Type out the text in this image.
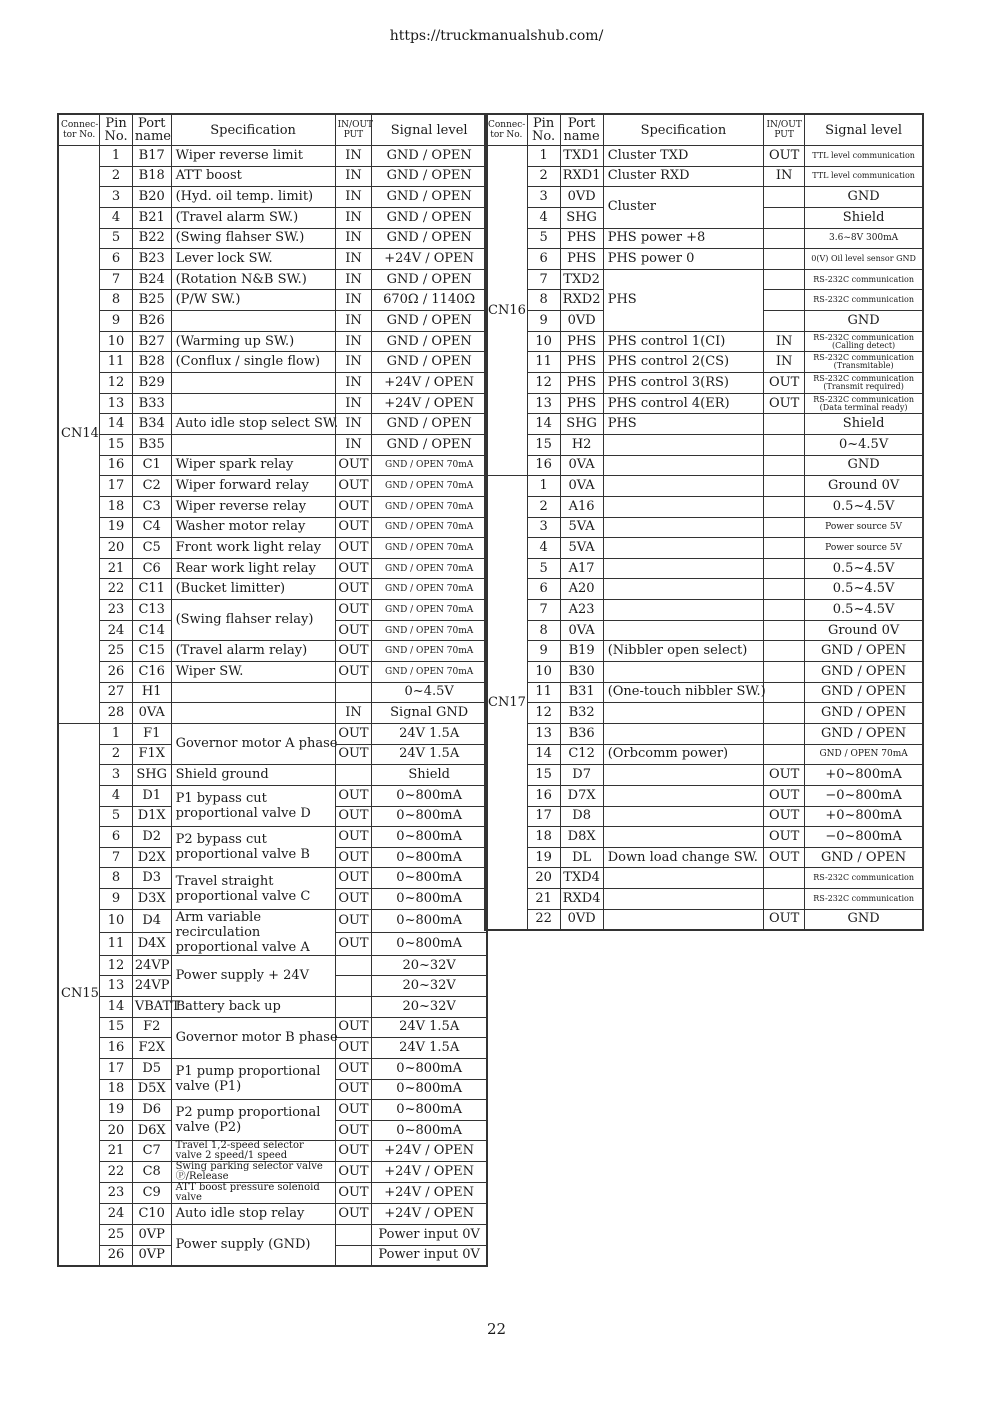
https://truckmanualshub.com/
Connec-tor No.	Pin No.	Port name	Specification	IN/OUT PUT	Signal level
CN14	1	B17	Wiper reverse limit	IN	GND / OPEN
	2	B18	ATT boost	IN	GND / OPEN
	3	B20	(Hyd. oil temp. limit)	IN	GND / OPEN
	4	B21	(Travel alarm SW.)	IN	GND / OPEN
	5	B22	(Swing flahser SW.)	IN	GND / OPEN
	6	B23	Lever lock SW.	IN	+24V / OPEN
	7	B24	(Rotation N&B SW.)	IN	GND / OPEN
	8	B25	(P/W SW.)	IN	670Ω / 1140Ω
	9	B26		IN	GND / OPEN
	10	B27	(Warming up SW.)	IN	GND / OPEN
	11	B28	(Conflux / single flow)	IN	GND / OPEN
	12	B29		IN	+24V / OPEN
	13	B33		IN	+24V / OPEN
	14	B34	Auto idle stop select SW.	IN	GND / OPEN
	15	B35		IN	GND / OPEN
	16	C1	Wiper spark relay	OUT	GND / OPEN 70mA
	17	C2	Wiper forward relay	OUT	GND / OPEN 70mA
	18	C3	Wiper reverse relay	OUT	GND / OPEN 70mA
	19	C4	Washer motor relay	OUT	GND / OPEN 70mA
	20	C5	Front work light relay	OUT	GND / OPEN 70mA
	21	C6	Rear work light relay	OUT	GND / OPEN 70mA
	22	C11	(Bucket limitter)	OUT	GND / OPEN 70mA
	23	C13	(Swing flahser relay)	OUT	GND / OPEN 70mA
	24	C14		OUT	GND / OPEN 70mA
	25	C15	(Travel alarm relay)	OUT	GND / OPEN 70mA
	26	C16	Wiper SW.	OUT	GND / OPEN 70mA
	27	H1			0~4.5V
	28	0VA		IN	Signal GND
CN15	1	F1	Governor motor A phase	OUT	24V 1.5A
	2	F1X		OUT	24V 1.5A
	3	SHG	Shield ground		Shield
	4	D1	P1 bypass cut
proportional valve D	OUT	0~800mA
	5	D1X		OUT	0~800mA
	6	D2	P2 bypass cut
proportional valve B	OUT	0~800mA
	7	D2X		OUT	0~800mA
	8	D3	Travel straight
proportional valve C	OUT	0~800mA
	9	D3X		OUT	0~800mA
	10	D4	Arm variable recirculation
proportional valve A	OUT	0~800mA
	11	D4X		OUT	0~800mA
	12	24VP	Power supply + 24V		20~32V
	13	24VP			20~32V
	14	VBATT	Battery back up		20~32V
	15	F2	Governor motor B phase	OUT	24V 1.5A
	16	F2X		OUT	24V 1.5A
	17	D5	P1 pump proportional
valve (P1)	OUT	0~800mA
	18	D5X		OUT	0~800mA
	19	D6	P2 pump proportional
valve (P2)	OUT	0~800mA
	20	D6X		OUT	0~800mA
	21	C7	Travel 1,2-speed selector valve 2 speed/1 speed	OUT	+24V / OPEN
	22	C8	Swing parking selector valve Ⓟ/Release	OUT	+24V / OPEN
	23	C9	ATT boost pressure solenoid valve	OUT	+24V / OPEN
	24	C10	Auto idle stop relay	OUT	+24V / OPEN
	25	0VP	Power supply (GND)		Power input 0V
	26	0VP			Power input 0V
Connec-tor No.	Pin No.	Port name	Specification	IN/OUT PUT	Signal level
CN16	1	TXD1	Cluster TXD	OUT	TTL level communication
	2	RXD1	Cluster RXD	IN	TTL level communication
	3	0VD	Cluster		GND
	4	SHG			Shield
	5	PHS	PHS power +8		3.6~8V 300mA
	6	PHS	PHS power 0		0(V) Oil level sensor GND
	7	TXD2	PHS		RS-232C communication
	8	RXD2			RS-232C communication
	9	0VD			GND
	10	PHS	PHS control 1(CI)	IN	RS-232C communication (Calling detect)
	11	PHS	PHS control 2(CS)	IN	RS-232C communication (Transmitable)
	12	PHS	PHS control 3(RS)	OUT	RS-232C communication (Transmit required)
	13	PHS	PHS control 4(ER)	OUT	RS-232C communication (Data terminal ready)
	14	SHG	PHS		Shield
	15	H2			0~4.5V
	16	0VA			GND
CN17	1	0VA			Ground 0V
	2	A16			0.5~4.5V
	3	5VA			Power source 5V
	4	5VA			Power source 5V
	5	A17			0.5~4.5V
	6	A20			0.5~4.5V
	7	A23			0.5~4.5V
	8	0VA			Ground 0V
	9	B19	(Nibbler open select)		GND / OPEN
	10	B30			GND / OPEN
	11	B31	(One-touch nibbler SW.)		GND / OPEN
	12	B32			GND / OPEN
	13	B36			GND / OPEN
	14	C12	(Orbcomm power)		GND / OPEN 70mA
	15	D7		OUT	+0~800mA
	16	D7X		OUT	−0~800mA
	17	D8		OUT	+0~800mA
	18	D8X		OUT	−0~800mA
	19	DL	Down load change SW.	OUT	GND / OPEN
	20	TXD4			RS-232C communication
	21	RXD4			RS-232C communication
	22	0VD		OUT	GND
22
